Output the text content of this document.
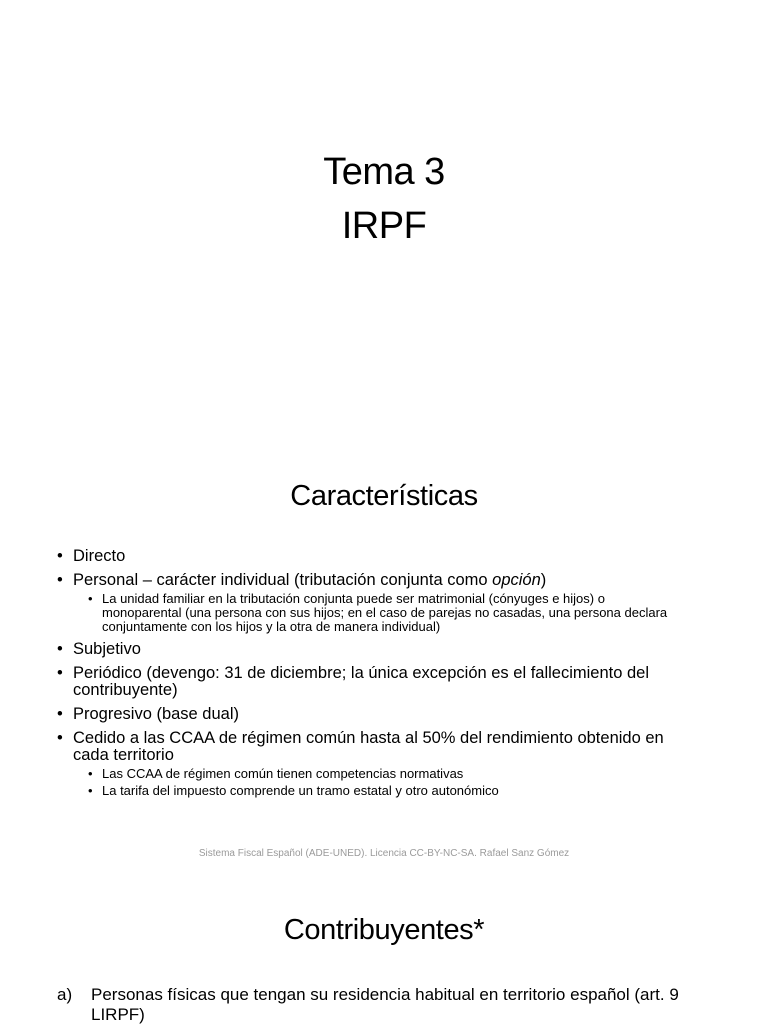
Tema 3
IRPF
Características
• Directo
• Personal – carácter individual (tributación conjunta como opción)
• La unidad familiar en la tributación conjunta puede ser matrimonial (cónyuges e hijos) o monoparental (una persona con sus hijos; en el caso de parejas no casadas, una persona declara conjuntamente con los hijos y la otra de manera individual)
• Subjetivo
• Periódico (devengo: 31 de diciembre; la única excepción es el fallecimiento del contribuyente)
• Progresivo (base dual)
• Cedido a las CCAA de régimen común hasta al 50% del rendimiento obtenido en cada territorio
• Las CCAA de régimen común tienen competencias normativas
• La tarifa del impuesto comprende un tramo estatal y otro autonómico
Sistema Fiscal Español (ADE-UNED). Licencia CC-BY-NC-SA. Rafael Sanz Gómez
Contribuyentes*
a)	Personas físicas que tengan su residencia habitual en territorio español (art. 9 LIRPF)
